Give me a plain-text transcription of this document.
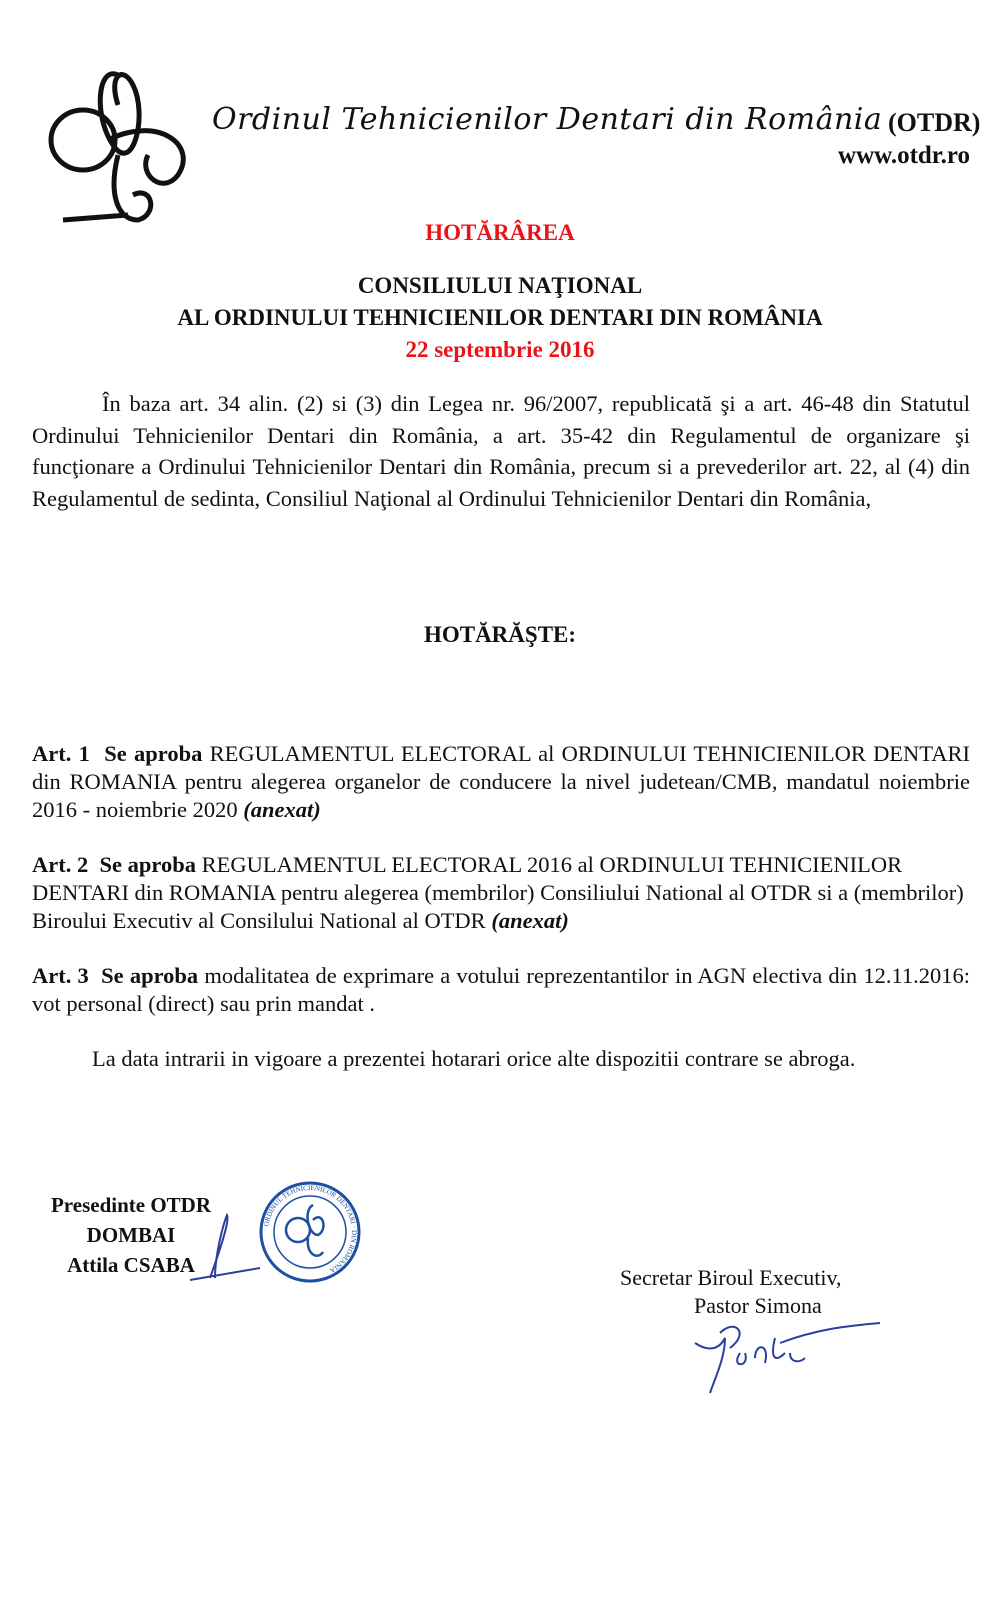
Ordinul Tehnicienilor Dentari din România (OTDR)
www.otdr.ro
HOTĂRÂREA
CONSILIULUI NAŢIONAL
AL ORDINULUI TEHNICIENILOR DENTARI DIN ROMÂNIA
22 septembrie 2016
În baza art. 34 alin. (2) si (3) din Legea nr. 96/2007, republicată şi a art. 46-48 din Statutul Ordinului Tehnicienilor Dentari din România, a art. 35-42 din Regulamentul de organizare şi funcţionare a Ordinului Tehnicienilor Dentari din România, precum si a prevederilor art. 22, al (4) din Regulamentul de sedinta, Consiliul Naţional al Ordinului Tehnicienilor Dentari din România,
HOTĂRĂŞTE:
Art. 1 Se aproba REGULAMENTUL ELECTORAL al ORDINULUI TEHNICIENILOR DENTARI din ROMANIA pentru alegerea organelor de conducere la nivel judetean/CMB, mandatul noiembrie 2016 - noiembrie 2020 (anexat)
Art. 2 Se aproba REGULAMENTUL ELECTORAL 2016 al ORDINULUI TEHNICIENILOR DENTARI din ROMANIA pentru alegerea (membrilor) Consiliului National al OTDR si a (membrilor) Biroului Executiv al Consilului National al OTDR (anexat)
Art. 3 Se aproba modalitatea de exprimare a votului reprezentantilor in AGN electiva din 12.11.2016: vot personal (direct) sau prin mandat .
La data intrarii in vigoare a prezentei hotarari orice alte dispozitii contrare se abroga.
Presedinte OTDR
DOMBAI
Attila CSABA
ORDINUL TEHNICIENILOR DENTARI · DIN ROMANIA	Secretar Biroul Executiv,
Pastor Simona
